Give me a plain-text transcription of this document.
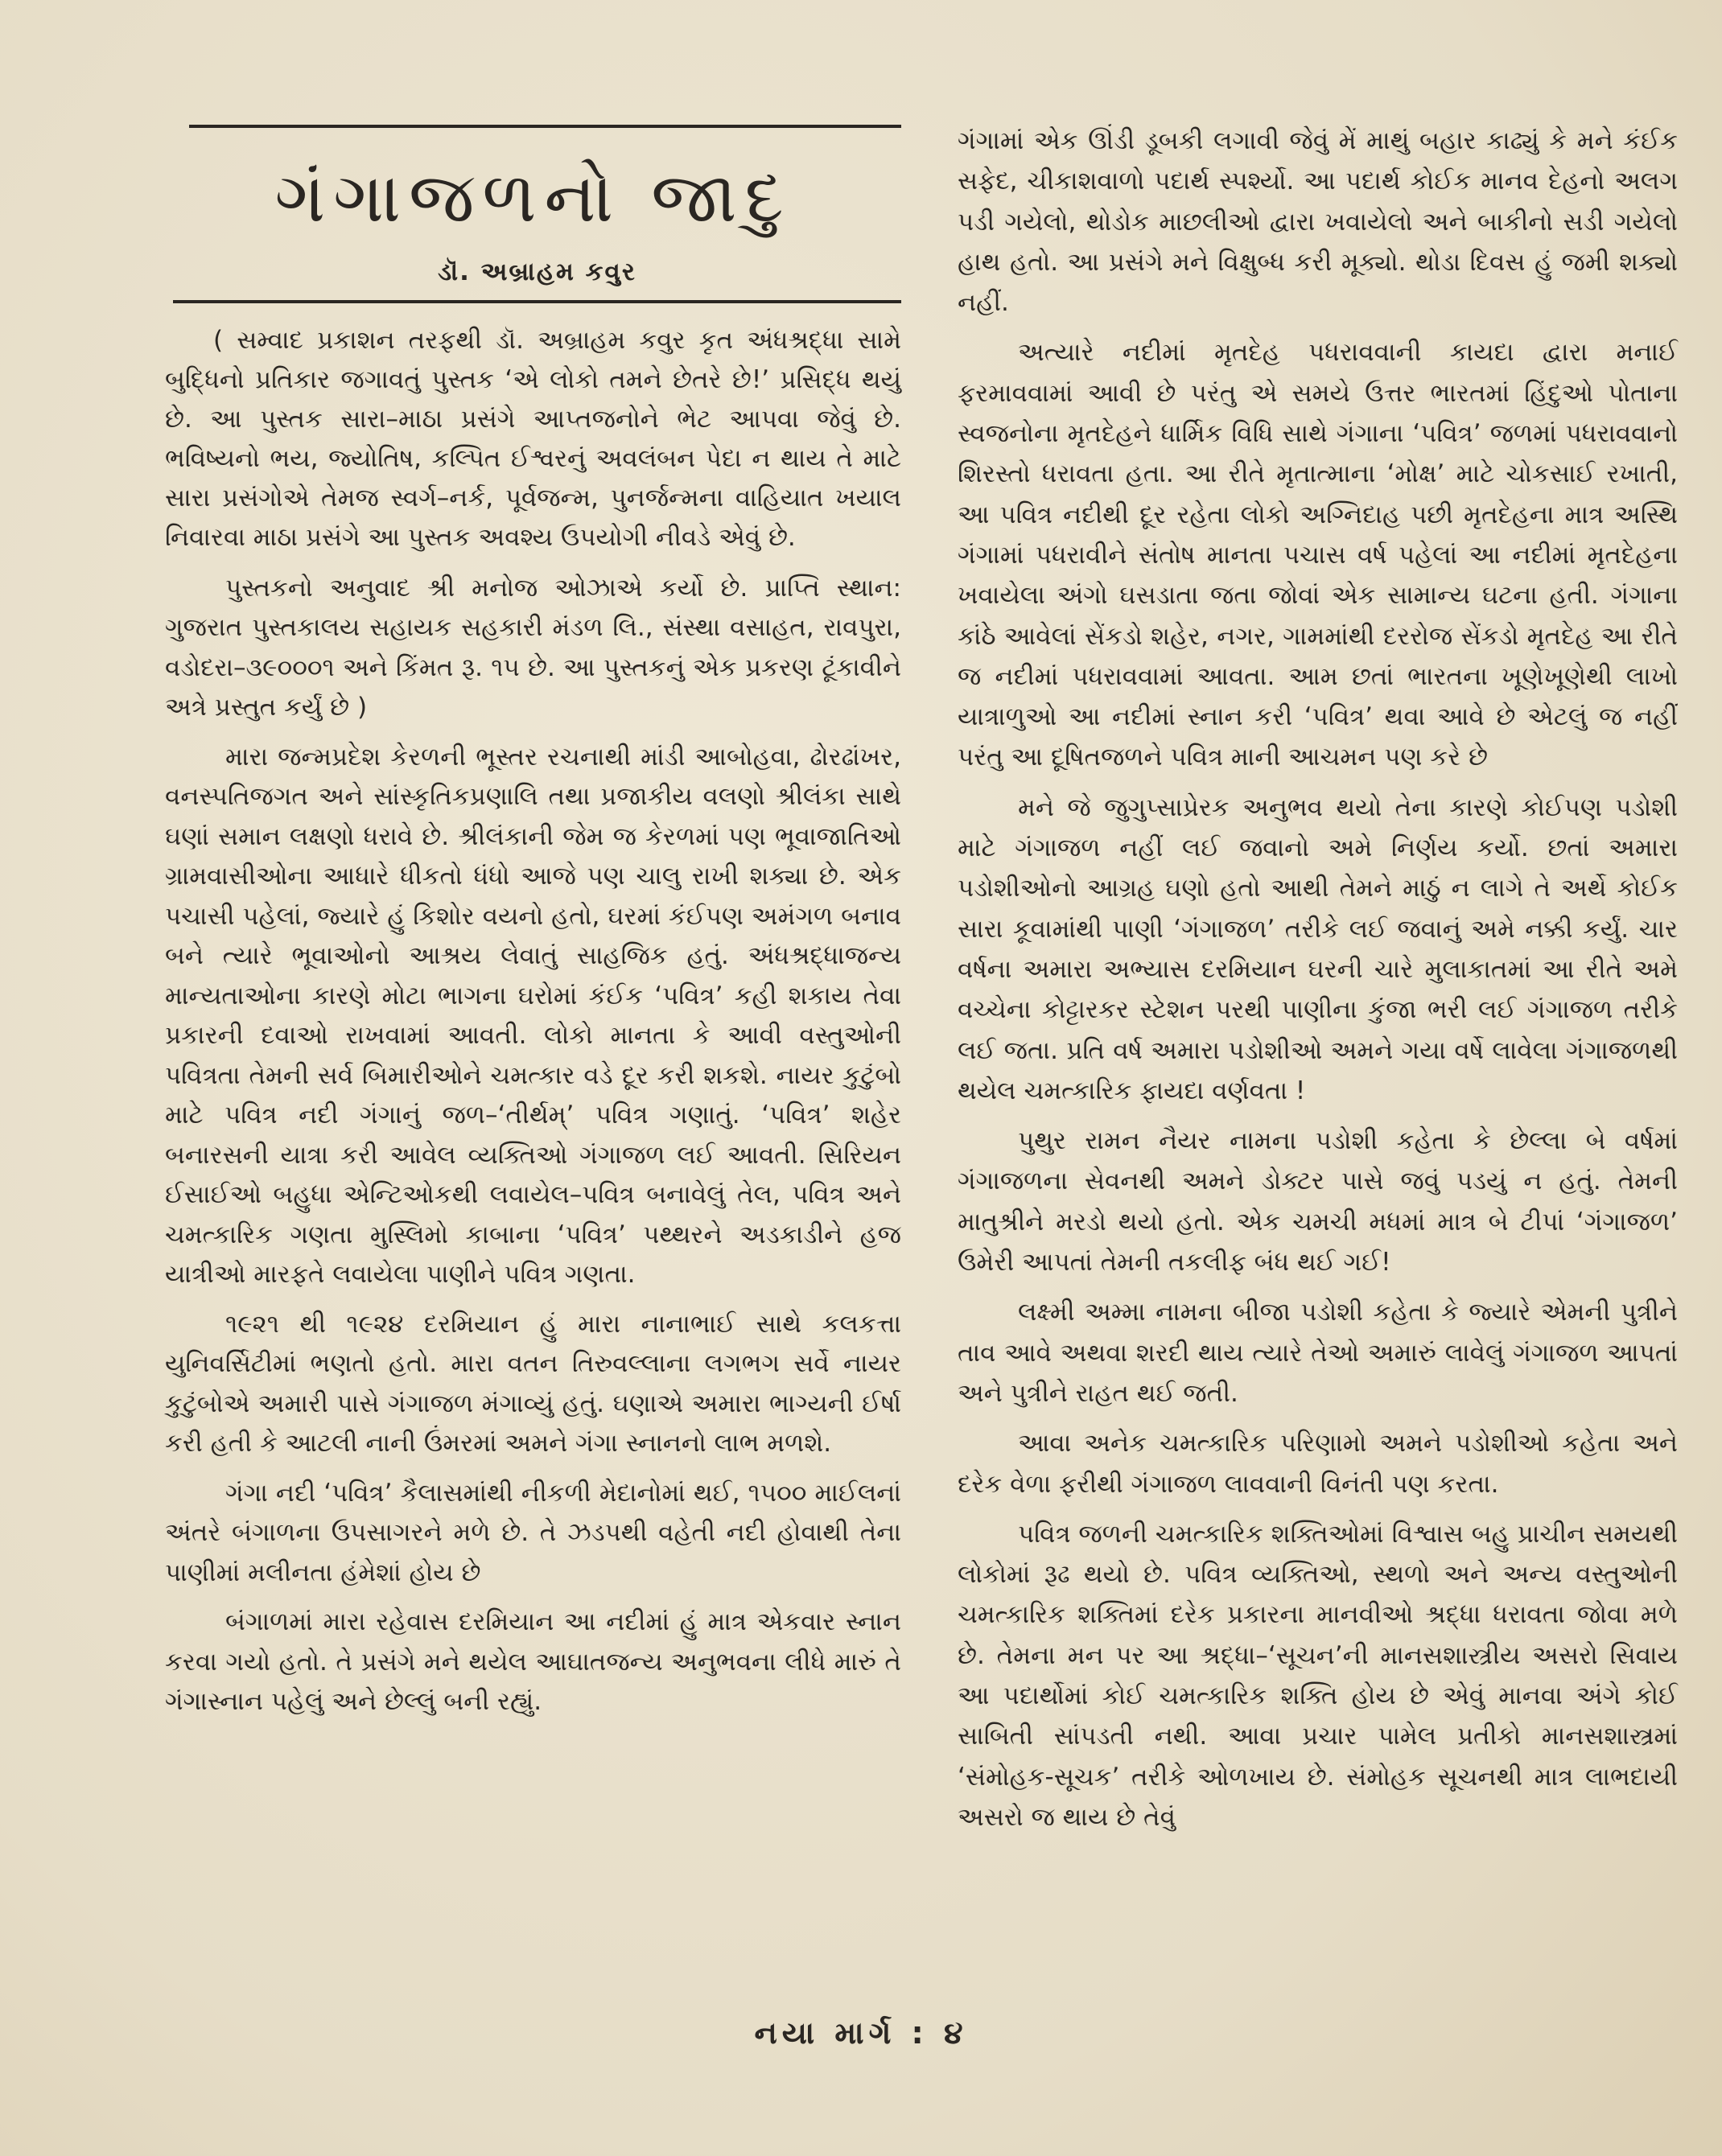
ગંગાજળનો જાદુ
ડૉ. અબ્રાહમ કવુર

( સમ્વાદ પ્રકાશન તરફથી ડૉ. અબ્રાહમ કવુર કૃત અંધશ્રદ્ધા સામે બુદ્ધિનો પ્રતિકાર જગાવતું પુસ્તક ‘એ લોકો તમને છેતરે છે!’ પ્રસિદ્ધ થયું છે. આ પુસ્તક સારા–માઠા પ્રસંગે આપ્તજનોને ભેટ આપવા જેવું છે. ભવિષ્યનો ભય, જ્યોતિષ, કલ્પિત ઈશ્વરનું અવલંબન પેદા ન થાય તે માટે સારા પ્રસંગોએ તેમજ સ્વર્ગ–નર્ક, પૂર્વજન્મ, પુનર્જન્મના વાહિયાત ખયાલ નિવારવા માઠા પ્રસંગે આ પુસ્તક અવશ્ય ઉપયોગી નીવડે એવું છે.

પુસ્તકનો અનુવાદ શ્રી મનોજ ઓઝાએ કર્યો છે. પ્રાપ્તિ સ્થાન: ગુજરાત પુસ્તકાલય સહાયક સહકારી મંડળ લિ., સંસ્થા વસાહત, રાવપુરા, વડોદરા–૩૯૦૦૦૧ અને કિંમત રૂ. ૧૫ છે. આ પુસ્તકનું એક પ્રકરણ ટૂંકાવીને અત્રે પ્રસ્તુત કર્યું છે )

મારા જન્મપ્રદેશ કેરળની ભૂસ્તર રચનાથી માંડી આબોહવા, ઢોરઢાંખર, વનસ્પતિજગત અને સાંસ્કૃતિકપ્રણાલિ તથા પ્રજાકીય વલણો શ્રીલંકા સાથે ઘણાં સમાન લક્ષણો ધરાવે છે. શ્રીલંકાની જેમ જ કેરળમાં પણ ભૂવાજાતિઓ ગ્રામવાસીઓના આધારે ધીકતો ધંધો આજે પણ ચાલુ રાખી શક્યા છે. એક પચાસી પહેલાં, જ્યારે હું કિશોર વયનો હતો, ઘરમાં કંઈપણ અમંગળ બનાવ બને ત્યારે ભૂવાઓનો આશ્રય લેવાતું સાહજિક હતું. અંધશ્રદ્ધાજન્ય માન્યતાઓના કારણે મોટા ભાગના ઘરોમાં કંઈક ‘પવિત્ર’ કહી શકાય તેવા પ્રકારની દવાઓ રાખવામાં આવતી. લોકો માનતા કે આવી વસ્તુઓની પવિત્રતા તેમની સર્વ બિમારીઓને ચમત્કાર વડે દૂર કરી શકશે. નાયર કુટુંબો માટે પવિત્ર નદી ગંગાનું જળ–‘તીર્થમ્’ પવિત્ર ગણાતું. ‘પવિત્ર’ શહેર બનારસની યાત્રા કરી આવેલ વ્યક્તિઓ ગંગાજળ લઈ આવતી. સિરિયન ઈસાઈઓ બહુધા એન્ટિઓકથી લવાયેલ–પવિત્ર બનાવેલું તેલ, પવિત્ર અને ચમત્કારિક ગણતા મુસ્લિમો કાબાના ‘પવિત્ર’ પથ્થરને અડકાડીને હજ યાત્રીઓ મારફતે લવાયેલા પાણીને પવિત્ર ગણતા.

૧૯૨૧ થી ૧૯૨૪ દરમિયાન હું મારા નાનાભાઈ સાથે કલકત્તા યુનિવર્સિટીમાં ભણતો હતો. મારા વતન તિરુવલ્લાના લગભગ સર્વે નાયર કુટુંબોએ અમારી પાસે ગંગાજળ મંગાવ્યું હતું. ઘણાએ અમારા ભાગ્યની ઈર્ષા કરી હતી કે આટલી નાની ઉંમરમાં અમને ગંગા સ્નાનનો લાભ મળશે.

ગંગા નદી ‘પવિત્ર’ કૈલાસમાંથી નીકળી મેદાનોમાં થઈ, ૧૫૦૦ માઈલનાં અંતરે બંગાળના ઉપસાગરને મળે છે. તે ઝડપથી વહેતી નદી હોવાથી તેના પાણીમાં મલીનતા હંમેશાં હોય છે

બંગાળમાં મારા રહેવાસ દરમિયાન આ નદીમાં હું માત્ર એકવાર સ્નાન કરવા ગયો હતો. તે પ્રસંગે મને થયેલ આઘાતજન્ય અનુભવના લીધે મારું તે ગંગાસ્નાન પહેલું અને છેલ્લું બની રહ્યું.

ગંગામાં એક ઊંડી ડૂબકી લગાવી જેવું મેં માથું બહાર કાઢ્યું કે મને કંઈક સફેદ, ચીકાશવાળો પદાર્થ સ્પર્શ્યો. આ પદાર્થ કોઈક માનવ દેહનો અલગ પડી ગયેલો, થોડોક માછલીઓ દ્વારા ખવાયેલો અને બાકીનો સડી ગયેલો હાથ હતો. આ પ્રસંગે મને વિક્ષુબ્ધ કરી મૂક્યો. થોડા દિવસ હું જમી શક્યો નહીં.

અત્યારે નદીમાં મૃતદેહ પધરાવવાની કાયદા દ્વારા મનાઈ ફરમાવવામાં આવી છે પરંતુ એ સમયે ઉત્તર ભારતમાં હિંદુઓ પોતાના સ્વજનોના મૃતદેહને ધાર્મિક વિધિ સાથે ગંગાના ‘પવિત્ર’ જળમાં પધરાવવાનો શિરસ્તો ધરાવતા હતા. આ રીતે મૃતાત્માના ‘મોક્ષ’ માટે ચોકસાઈ રખાતી, આ પવિત્ર નદીથી દૂર રહેતા લોકો અગ્નિદાહ પછી મૃતદેહના માત્ર અસ્થિ ગંગામાં પધરાવીને સંતોષ માનતા પચાસ વર્ષ પહેલાં આ નદીમાં મૃતદેહના ખવાયેલા અંગો ઘસડાતા જતા જોવાં એક સામાન્ય ઘટના હતી. ગંગાના કાંઠે આવેલાં સેંકડો શહેર, નગર, ગામમાંથી દરરોજ સેંકડો મૃતદેહ આ રીતે જ નદીમાં પધરાવવામાં આવતા. આમ છતાં ભારતના ખૂણેખૂણેથી લાખો યાત્રાળુઓ આ નદીમાં સ્નાન કરી ‘પવિત્ર’ થવા આવે છે એટલું જ નહીં પરંતુ આ દૂષિતજળને પવિત્ર માની આચમન પણ કરે છે

મને જે જુગુપ્સાપ્રેરક અનુભવ થયો તેના કારણે કોઈપણ પડોશી માટે ગંગાજળ નહીં લઈ જવાનો અમે નિર્ણય કર્યો. છતાં અમારા પડોશીઓનો આગ્રહ ઘણો હતો આથી તેમને માઠું ન લાગે તે અર્થે કોઈક સારા કૂવામાંથી પાણી ‘ગંગાજળ’ તરીકે લઈ જવાનું અમે નક્કી કર્યું. ચાર વર્ષના અમારા અભ્યાસ દરમિયાન ઘરની ચારે મુલાકાતમાં આ રીતે અમે વચ્ચેના કોટ્ટારકર સ્ટેશન પરથી પાણીના કુંજા ભરી લઈ ગંગાજળ તરીકે લઈ જતા. પ્રતિ વર્ષ અમારા પડોશીઓ અમને ગયા વર્ષે લાવેલા ગંગાજળથી થયેલ ચમત્કારિક ફાયદા વર્ણવતા !

પુથુર રામન નૈયર નામના પડોશી કહેતા કે છેલ્લા બે વર્ષમાં ગંગાજળના સેવનથી અમને ડોક્ટર પાસે જવું પડયું ન હતું. તેમની માતુશ્રીને મરડો થયો હતો. એક ચમચી મધમાં માત્ર બે ટીપાં ‘ગંગાજળ’ ઉમેરી આપતાં તેમની તકલીફ બંધ થઈ ગઈ!

લક્ષ્મી અમ્મા નામના બીજા પડોશી કહેતા કે જ્યારે એમની પુત્રીને તાવ આવે અથવા શરદી થાય ત્યારે તેઓ અમારું લાવેલું ગંગાજળ આપતાં અને પુત્રીને રાહત થઈ જતી.

આવા અનેક ચમત્કારિક પરિણામો અમને પડોશીઓ કહેતા અને દરેક વેળા ફરીથી ગંગાજળ લાવવાની વિનંતી પણ કરતા.

પવિત્ર જળની ચમત્કારિક શક્તિઓમાં વિશ્વાસ બહુ પ્રાચીન સમયથી લોકોમાં રૂઢ થયો છે. પવિત્ર વ્યક્તિઓ, સ્થળો અને અન્ય વસ્તુઓની ચમત્કારિક શક્તિમાં દરેક પ્રકારના માનવીઓ શ્રદ્ધા ધરાવતા જોવા મળે છે. તેમના મન પર આ શ્રદ્ધા–‘સૂચન’ની માનસશાસ્ત્રીય અસરો સિવાય આ પદાર્થોમાં કોઈ ચમત્કારિક શક્તિ હોય છે એવું માનવા અંગે કોઈ સાબિતી સાંપડતી નથી. આવા પ્રચાર પામેલ પ્રતીકો માનસશાસ્ત્રમાં ‘સંમોહક-સૂચક’ તરીકે ઓળખાય છે. સંમોહક સૂચનથી માત્ર લાભદાયી અસરો જ થાય છે તેવું

નયા માર્ગ : ૪
